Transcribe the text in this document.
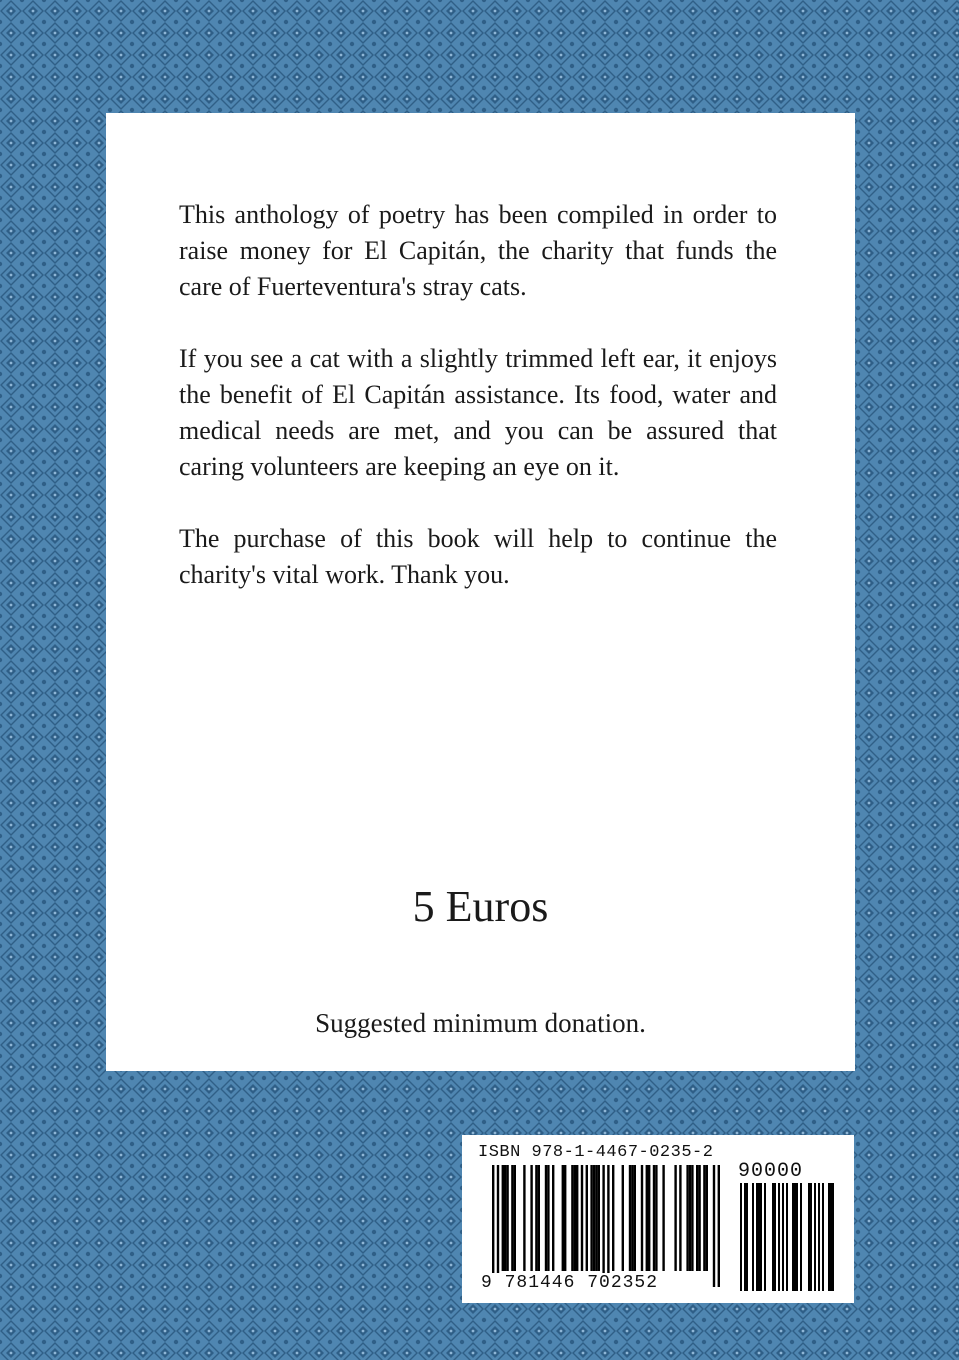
This anthology of poetry has been compiled in order to raise money for El Capitán, the charity that funds the care of Fuerteventura's stray cats.

If you see a cat with a slightly trimmed left ear, it enjoys the benefit of El Capitán assistance. Its food, water and medical needs are met, and you can be assured that caring volunteers are keeping an eye on it.

The purchase of this book will help to continue the charity's vital work. Thank you.

5 Euros
Suggested minimum donation.
ISBN 978-1-4467-0235-2
9 781446 702352
90000
